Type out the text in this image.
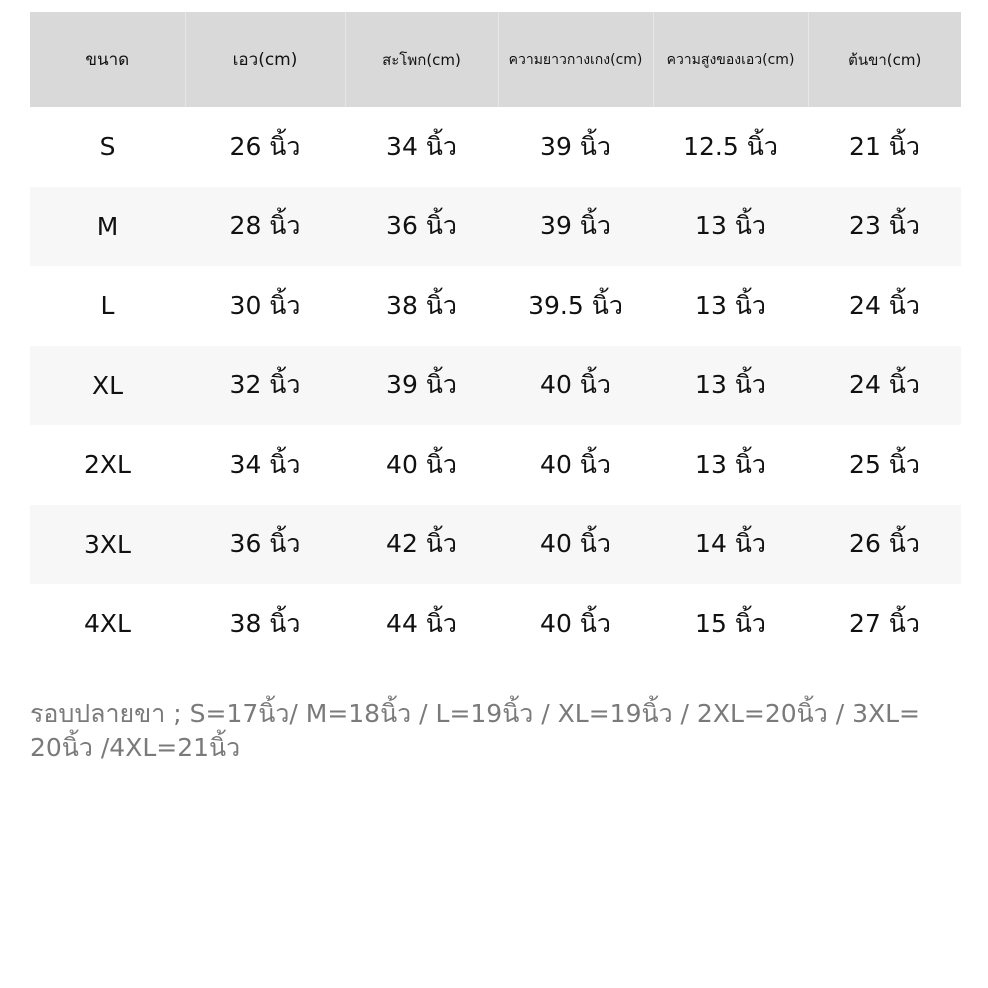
ขนาด	เอว(cm)	สะโพก(cm)	ความยาวกางเกง(cm)	ความสูงของเอว(cm)	ต้นขา(cm)
S	26 นิ้ว	34 นิ้ว	39 นิ้ว	12.5 นิ้ว	21 นิ้ว
M	28 นิ้ว	36 นิ้ว	39 นิ้ว	13 นิ้ว	23 นิ้ว
L	30 นิ้ว	38 นิ้ว	39.5 นิ้ว	13 นิ้ว	24 นิ้ว
XL	32 นิ้ว	39 นิ้ว	40 นิ้ว	13 นิ้ว	24 นิ้ว
2XL	34 นิ้ว	40 นิ้ว	40 นิ้ว	13 นิ้ว	25 นิ้ว
3XL	36 นิ้ว	42 นิ้ว	40 นิ้ว	14 นิ้ว	26 นิ้ว
4XL	38 นิ้ว	44 นิ้ว	40 นิ้ว	15 นิ้ว	27 นิ้ว

รอบปลายขา ; S=17นิ้ว/ M=18นิ้ว / L=19นิ้ว / XL=19นิ้ว / 2XL=20นิ้ว / 3XL= 20นิ้ว /4XL=21นิ้ว
